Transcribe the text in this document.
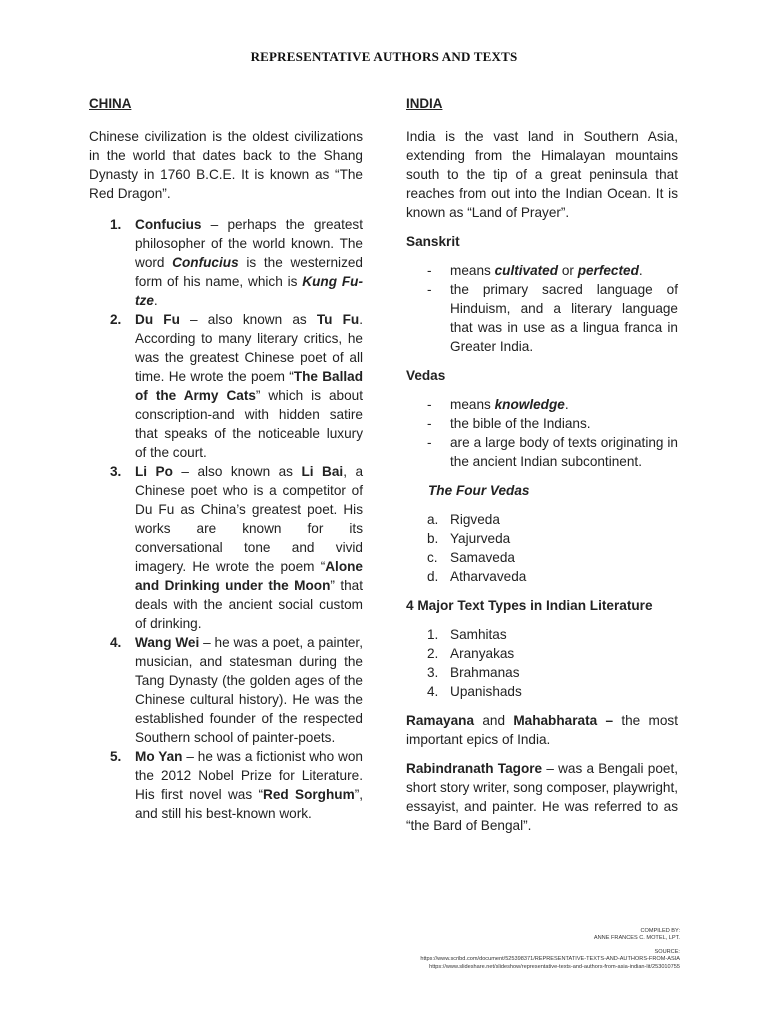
REPRESENTATIVE AUTHORS AND TEXTS
CHINA

Chinese civilization is the oldest civilizations in the world that dates back to the Shang Dynasty in 1760 B.C.E. It is known as “The Red Dragon”.

1. Confucius – perhaps the greatest philosopher of the world known. The word Confucius is the westernized form of his name, which is Kung Fu-tze.
2. Du Fu – also known as Tu Fu. According to many literary critics, he was the greatest Chinese poet of all time. He wrote the poem “The Ballad of the Army Cats” which is about conscription-and with hidden satire that speaks of the noticeable luxury of the court.
3. Li Po – also known as Li Bai, a Chinese poet who is a competitor of Du Fu as China’s greatest poet. His works are known for its conversational tone and vivid imagery. He wrote the poem “Alone and Drinking under the Moon” that deals with the ancient social custom of drinking.
4. Wang Wei – he was a poet, a painter, musician, and statesman during the Tang Dynasty (the golden ages of the Chinese cultural history). He was the established founder of the respected Southern school of painter-poets.
5. Mo Yan – he was a fictionist who won the 2012 Nobel Prize for Literature. His first novel was “Red Sorghum”, and still his best-known work.
INDIA

India is the vast land in Southern Asia, extending from the Himalayan mountains south to the tip of a great peninsula that reaches from out into the Indian Ocean. It is known as “Land of Prayer”.

Sanskrit
- means cultivated or perfected.
- the primary sacred language of Hinduism, and a literary language that was in use as a lingua franca in Greater India.
Vedas
- means knowledge.
- the bible of the Indians.
- are a large body of texts originating in the ancient Indian subcontinent.
The Four Vedas
a. Rigveda
b. Yajurveda
c. Samaveda
d. Atharvaveda
4 Major Text Types in Indian Literature
1. Samhitas
2. Aranyakas
3. Brahmanas
4. Upanishads

Ramayana and Mahabharata – the most important epics of India.

Rabindranath Tagore – was a Bengali poet, short story writer, song composer, playwright, essayist, and painter. He was referred to as “the Bard of Bengal”.

COMPILED BY:
ANNE FRANCES C. MOTEL, LPT.
SOURCE:
https://www.scribd.com/document/525398371/REPRESENTATIVE-TEXTS-AND-AUTHORS-FROM-ASIA
https://www.slideshare.net/slideshow/representative-texts-and-authors-from-asia-indian-lit/253010755
